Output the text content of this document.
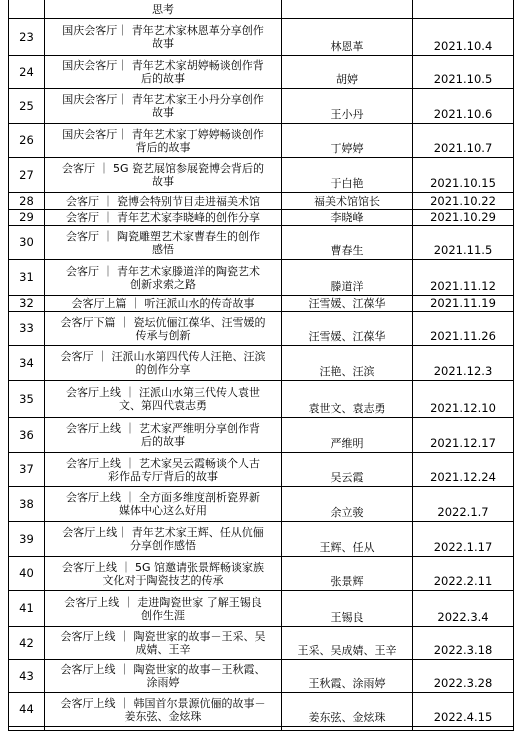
思考
23	国庆会客厅｜ 青年艺术家林恩革分享创作
故事	林恩革	2021.10.4
24	国庆会客厅｜ 青年艺术家胡婷畅谈创作背
后的故事	胡婷	2021.10.5
25	国庆会客厅｜ 青年艺术家王小丹分享创作
故事	王小丹	2021.10.6
26	国庆会客厅｜ 青年艺术家丁婷婷畅谈创作
背后的故事	丁婷婷	2021.10.7
27	会客厅 ｜ 5G 瓷艺展馆参展瓷博会背后的
故事	于白艳	2021.10.15
28	会客厅 ｜ 瓷博会特别节目走进福美术馆	福美术馆馆长	2021.10.22
29	会客厅 ｜ 青年艺术家李晓峰的创作分享	李晓峰	2021.10.29
30	会客厅 ｜ 陶瓷雕塑艺术家曹春生的创作
感悟	曹春生	2021.11.5
31	会客厅 ｜ 青年艺术家滕道洋的陶瓷艺术
创新求索之路	滕道洋	2021.11.12
32	会客厅上篇 ｜ 听汪派山水的传奇故事	汪雪媛、江葆华	2021.11.19
33	会客厅下篇 ｜ 瓷坛伉俪江葆华、汪雪媛的
传承与创新	汪雪媛、江葆华	2021.11.26
34	会客厅 ｜ 汪派山水第四代传人汪艳、汪滨
的创作分享	汪艳、汪滨	2021.12.3
35	会客厅上线 ｜ 汪派山水第三代传人袁世
文、第四代袁志勇	袁世文、袁志勇	2021.12.10
36	会客厅上线 ｜ 艺术家严维明分享创作背
后的故事	严维明	2021.12.17
37	会客厅上线 ｜ 艺术家吴云霞畅谈个人古
彩作品专厅背后的故事	吴云霞	2021.12.24
38	会客厅上线 ｜ 全方面多维度剖析瓷界新
媒体中心这么好用	余立骏	2022.1.7
39	会客厅上线｜ 青年艺术家王辉、任从伉俪
分享创作感悟	王辉、任从	2022.1.17
40	会客厅上线 ｜ 5G 馆邀请张景辉畅谈家族
文化对于陶瓷技艺的传承	张景辉	2022.2.11
41	会客厅上线 ｜ 走进陶瓷世家 了解王锡良
创作生涯	王锡良	2022.3.4
42	会客厅上线 ｜ 陶瓷世家的故事－王采、吴
成婧、王辛	王采、吴成婧、王辛	2022.3.18
43	会客厅上线 ｜ 陶瓷世家的故事－王秋霞、
涂雨婷	王秋霞、涂雨婷	2022.3.28
44	会客厅上线 ｜ 韩国首尔景源伉俪的故事－
姜东弦、金炫珠	姜东弦、金炫珠	2022.4.15
